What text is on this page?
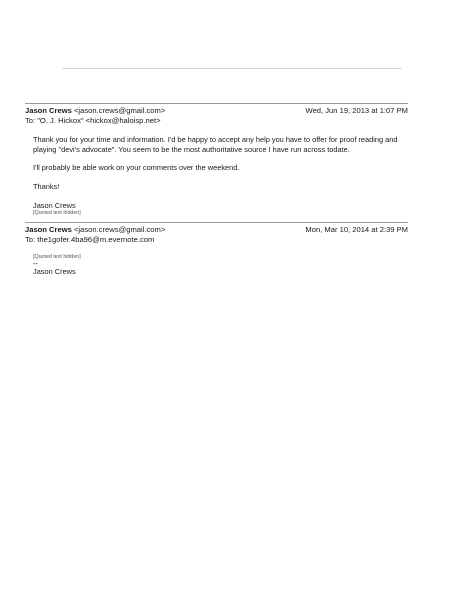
Jason Crews <jason.crews@gmail.com>	Wed, Jun 19, 2013 at 1:07 PM
To: "O. J. Hickox" <hickox@haloisp.net>

Thank you for your time and information. I'd be happy to accept any help you have to offer for proof reading and playing "devi's advocate". You seem to be the most authoritative source I have run across todate.

I'll probably be able work on your comments over the weekend.

Thanks!

Jason Crews
[Quoted text hidden]
Jason Crews <jason.crews@gmail.com>	Mon, Mar 10, 2014 at 2:39 PM
To: the1gofer.4ba96@m.evernote.com
[Quoted text hidden]
--
Jason Crews
